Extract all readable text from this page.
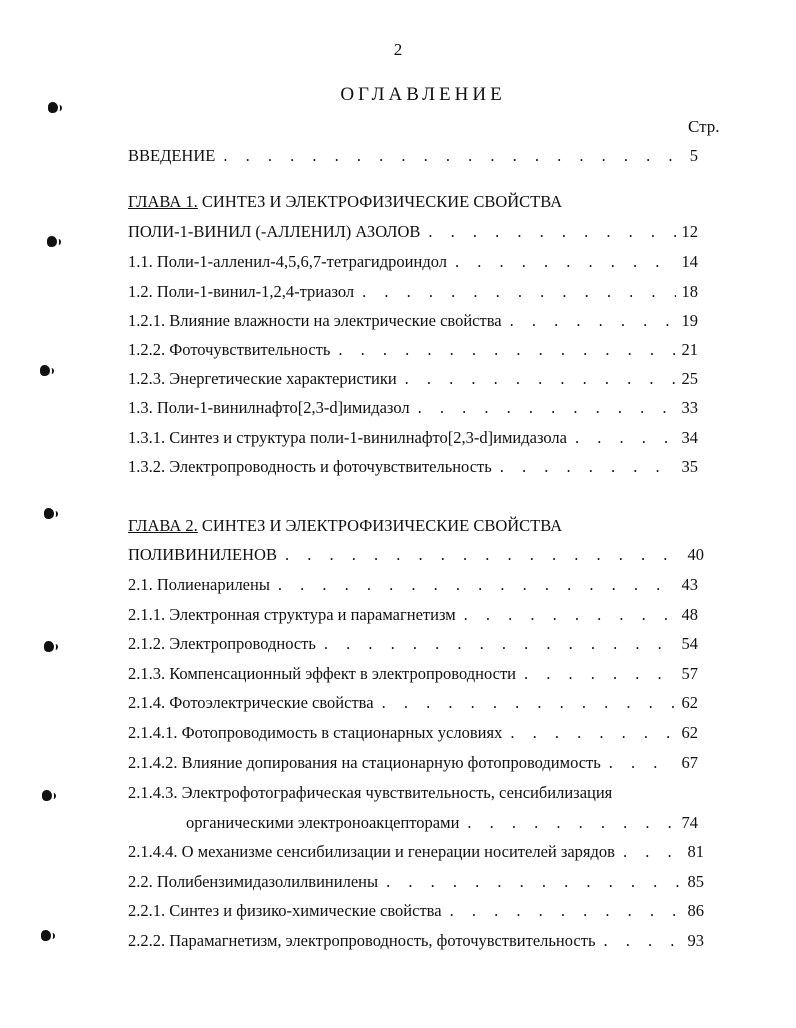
2
ОГЛАВЛЕНИЕ
Стр.
ВВЕДЕНИЕ . . .	5
ГЛАВА 1. СИНТЕЗ И ЭЛЕКТРОФИЗИЧЕСКИЕ СВОЙСТВА
ПОЛИ-1-ВИНИЛ (-АЛЛЕНИЛ) АЗОЛОВ . . .	12
1.1. Поли-1-алленил-4,5,6,7-тетрагидроиндол . . .	14
1.2. Поли-1-винил-1,2,4-триазол . . .	18
1.2.1. Влияние влажности на электрические свойства . . .	19
1.2.2. Фоточувствительность . . .	21
1.2.3. Энергетические характеристики . . .	25
1.3. Поли-1-винилнафто[2,3-d]имидазол . . .	33
1.3.1. Синтез и структура поли-1-винилнафто[2,3-d]имидазола . . .	34
1.3.2. Электропроводность и фоточувствительность . . .	35
ГЛАВА 2. СИНТЕЗ И ЭЛЕКТРОФИЗИЧЕСКИЕ СВОЙСТВА
ПОЛИВИНИЛЕНОВ . . .	40
2.1. Полиенарилены . . .	43
2.1.1. Электронная структура и парамагнетизм . . .	48
2.1.2. Электропроводность . . .	54
2.1.3. Компенсационный эффект в электропроводности . . .	57
2.1.4. Фотоэлектрические свойства . . .	62
2.1.4.1. Фотопроводимость в стационарных условиях . . .	62
2.1.4.2. Влияние допирования на стационарную фотопроводимость . . .	67
2.1.4.3. Электрофотографическая чувствительность, сенсибилизация
органическими электроноакцепторами . . .	74
2.1.4.4. О механизме сенсибилизации и генерации носителей зарядов . . .	81
2.2. Полибензимидазолилвинилены . . .	85
2.2.1. Синтез и физико-химические свойства . . .	86
2.2.2. Парамагнетизм, электропроводность, фоточувствительность . . .	93
